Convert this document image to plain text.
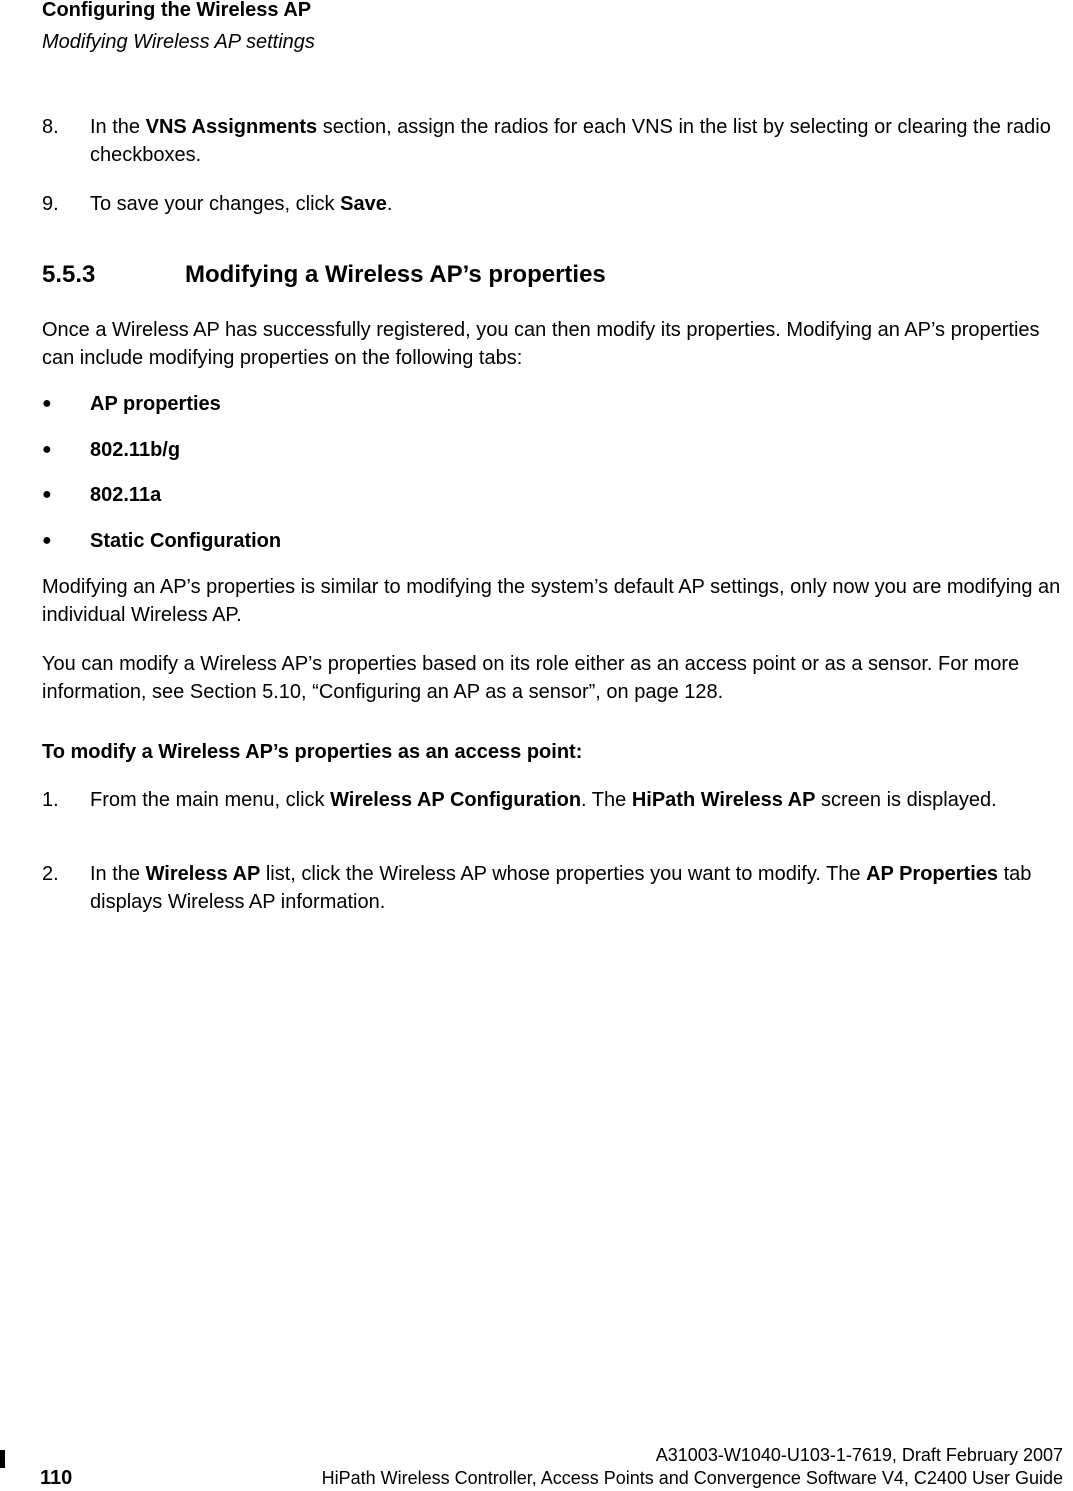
Configuring the Wireless AP
Modifying Wireless AP settings
8. In the VNS Assignments section, assign the radios for each VNS in the list by selecting or clearing the radio checkboxes.
9. To save your changes, click Save.
5.5.3	Modifying a Wireless AP’s properties
Once a Wireless AP has successfully registered, you can then modify its properties. Modifying an AP’s properties can include modifying properties on the following tabs:
● AP properties
● 802.11b/g
● 802.11a
● Static Configuration
Modifying an AP’s properties is similar to modifying the system’s default AP settings, only now you are modifying an individual Wireless AP.
You can modify a Wireless AP’s properties based on its role either as an access point or as a sensor. For more information, see Section 5.10, “Configuring an AP as a sensor”, on page 128.
To modify a Wireless AP’s properties as an access point:
1. From the main menu, click Wireless AP Configuration. The HiPath Wireless AP screen is displayed.
2. In the Wireless AP list, click the Wireless AP whose properties you want to modify. The AP Properties tab displays Wireless AP information.
A31003-W1040-U103-1-7619, Draft February 2007
110	HiPath Wireless Controller, Access Points and Convergence Software V4, C2400 User Guide
